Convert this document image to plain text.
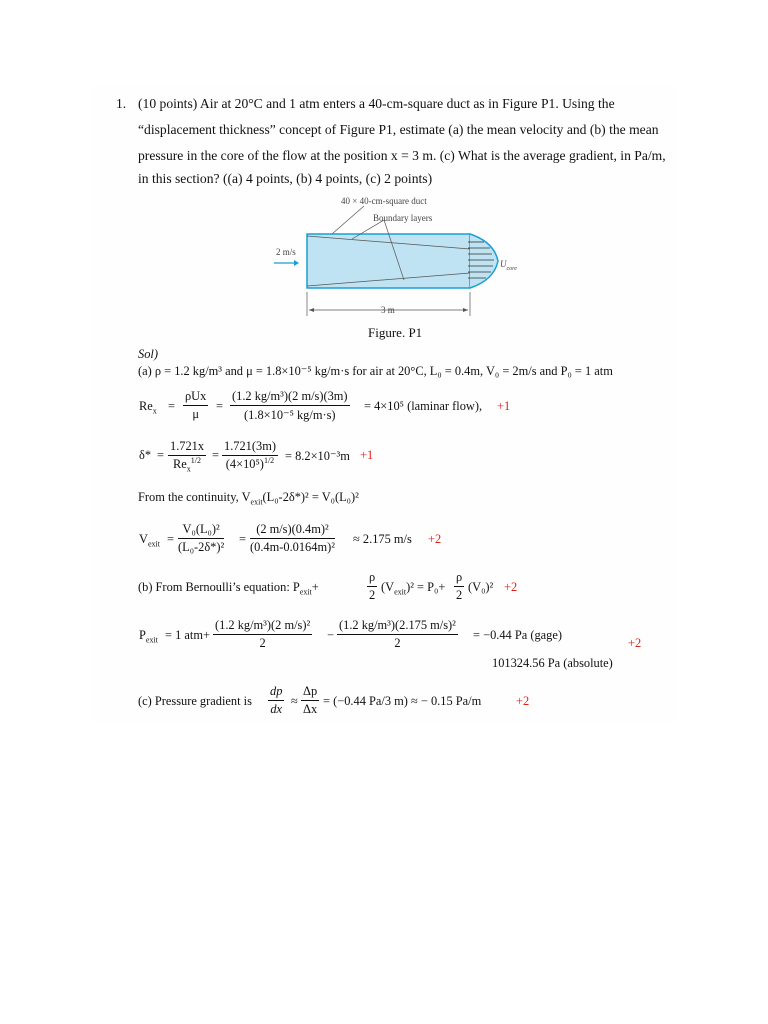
1. (10 points) Air at 20°C and 1 atm enters a 40-cm-square duct as in Figure P1. Using the
“displacement thickness” concept of Figure P1, estimate (a) the mean velocity and (b) the mean
pressure in the core of the flow at the position x = 3 m. (c) What is the average gradient, in Pa/m,
in this section? ((a) 4 points, (b) 4 points, (c) 2 points)
40 × 40-cm-square duct
Boundary layers
2 m/s
$U_{core}$
3 m
Figure. P1
Sol)
(a) ρ = 1.2 kg/m³ and μ = 1.8×10⁻⁵ kg/m·s for air at 20°C, L₀ = 0.4m, V₀ = 2m/s and P₀ = 1 atm
$Re_x$ =
ρUx
μ
= $\frac{\text{(1.2 kg/m³)(2 m/s)(3m)}}{\text{(1.8×10⁻⁵ kg/m·s)}} = 4\times 10^5$ (laminar flow), +1
δ* =
1.721x
$Re_x^{1/2} = \frac{1.721(3m)}{(4\times 10^5)^{1/2}} = 8.2\times 10^{-3}m +1$
From the continuity, $V_{exit}(L_0-2\delta*)^2 = V_0(L_0)^2$
$V_{exit} = \frac{\text{V₀(L₀)²}}{\text{(L₀-2δ*)²}} = \frac{\text{(2 m/s)(0.4m)²}}{\text{(0.4m-0.0164m)²}} \approx 2.175$ m/s +2
(b) From Bernoulli’s equation: $P_{exit}+$	$\frac{\rho}{2} (V_{exit})^2 = P_0+ \frac{\rho}{2} (V_0)^2 +2$
$P_{exit} = 1$ $atm+ \frac{\text{(1.2 kg/m³)(2 m/s)²}}{2} - \frac{\text{(1.2 kg/m³)(2.175 m/s)²}}{2} = -0.44$ Pa (gage)
+2
101324.56 Pa (absolute)
(c) Pressure gradient is $\frac{dp}{dx} \approx \frac{\Delta p}{\Delta x} = (-0.44$ Pa/3 m) ≈ − 0.15 Pa/m	+2
